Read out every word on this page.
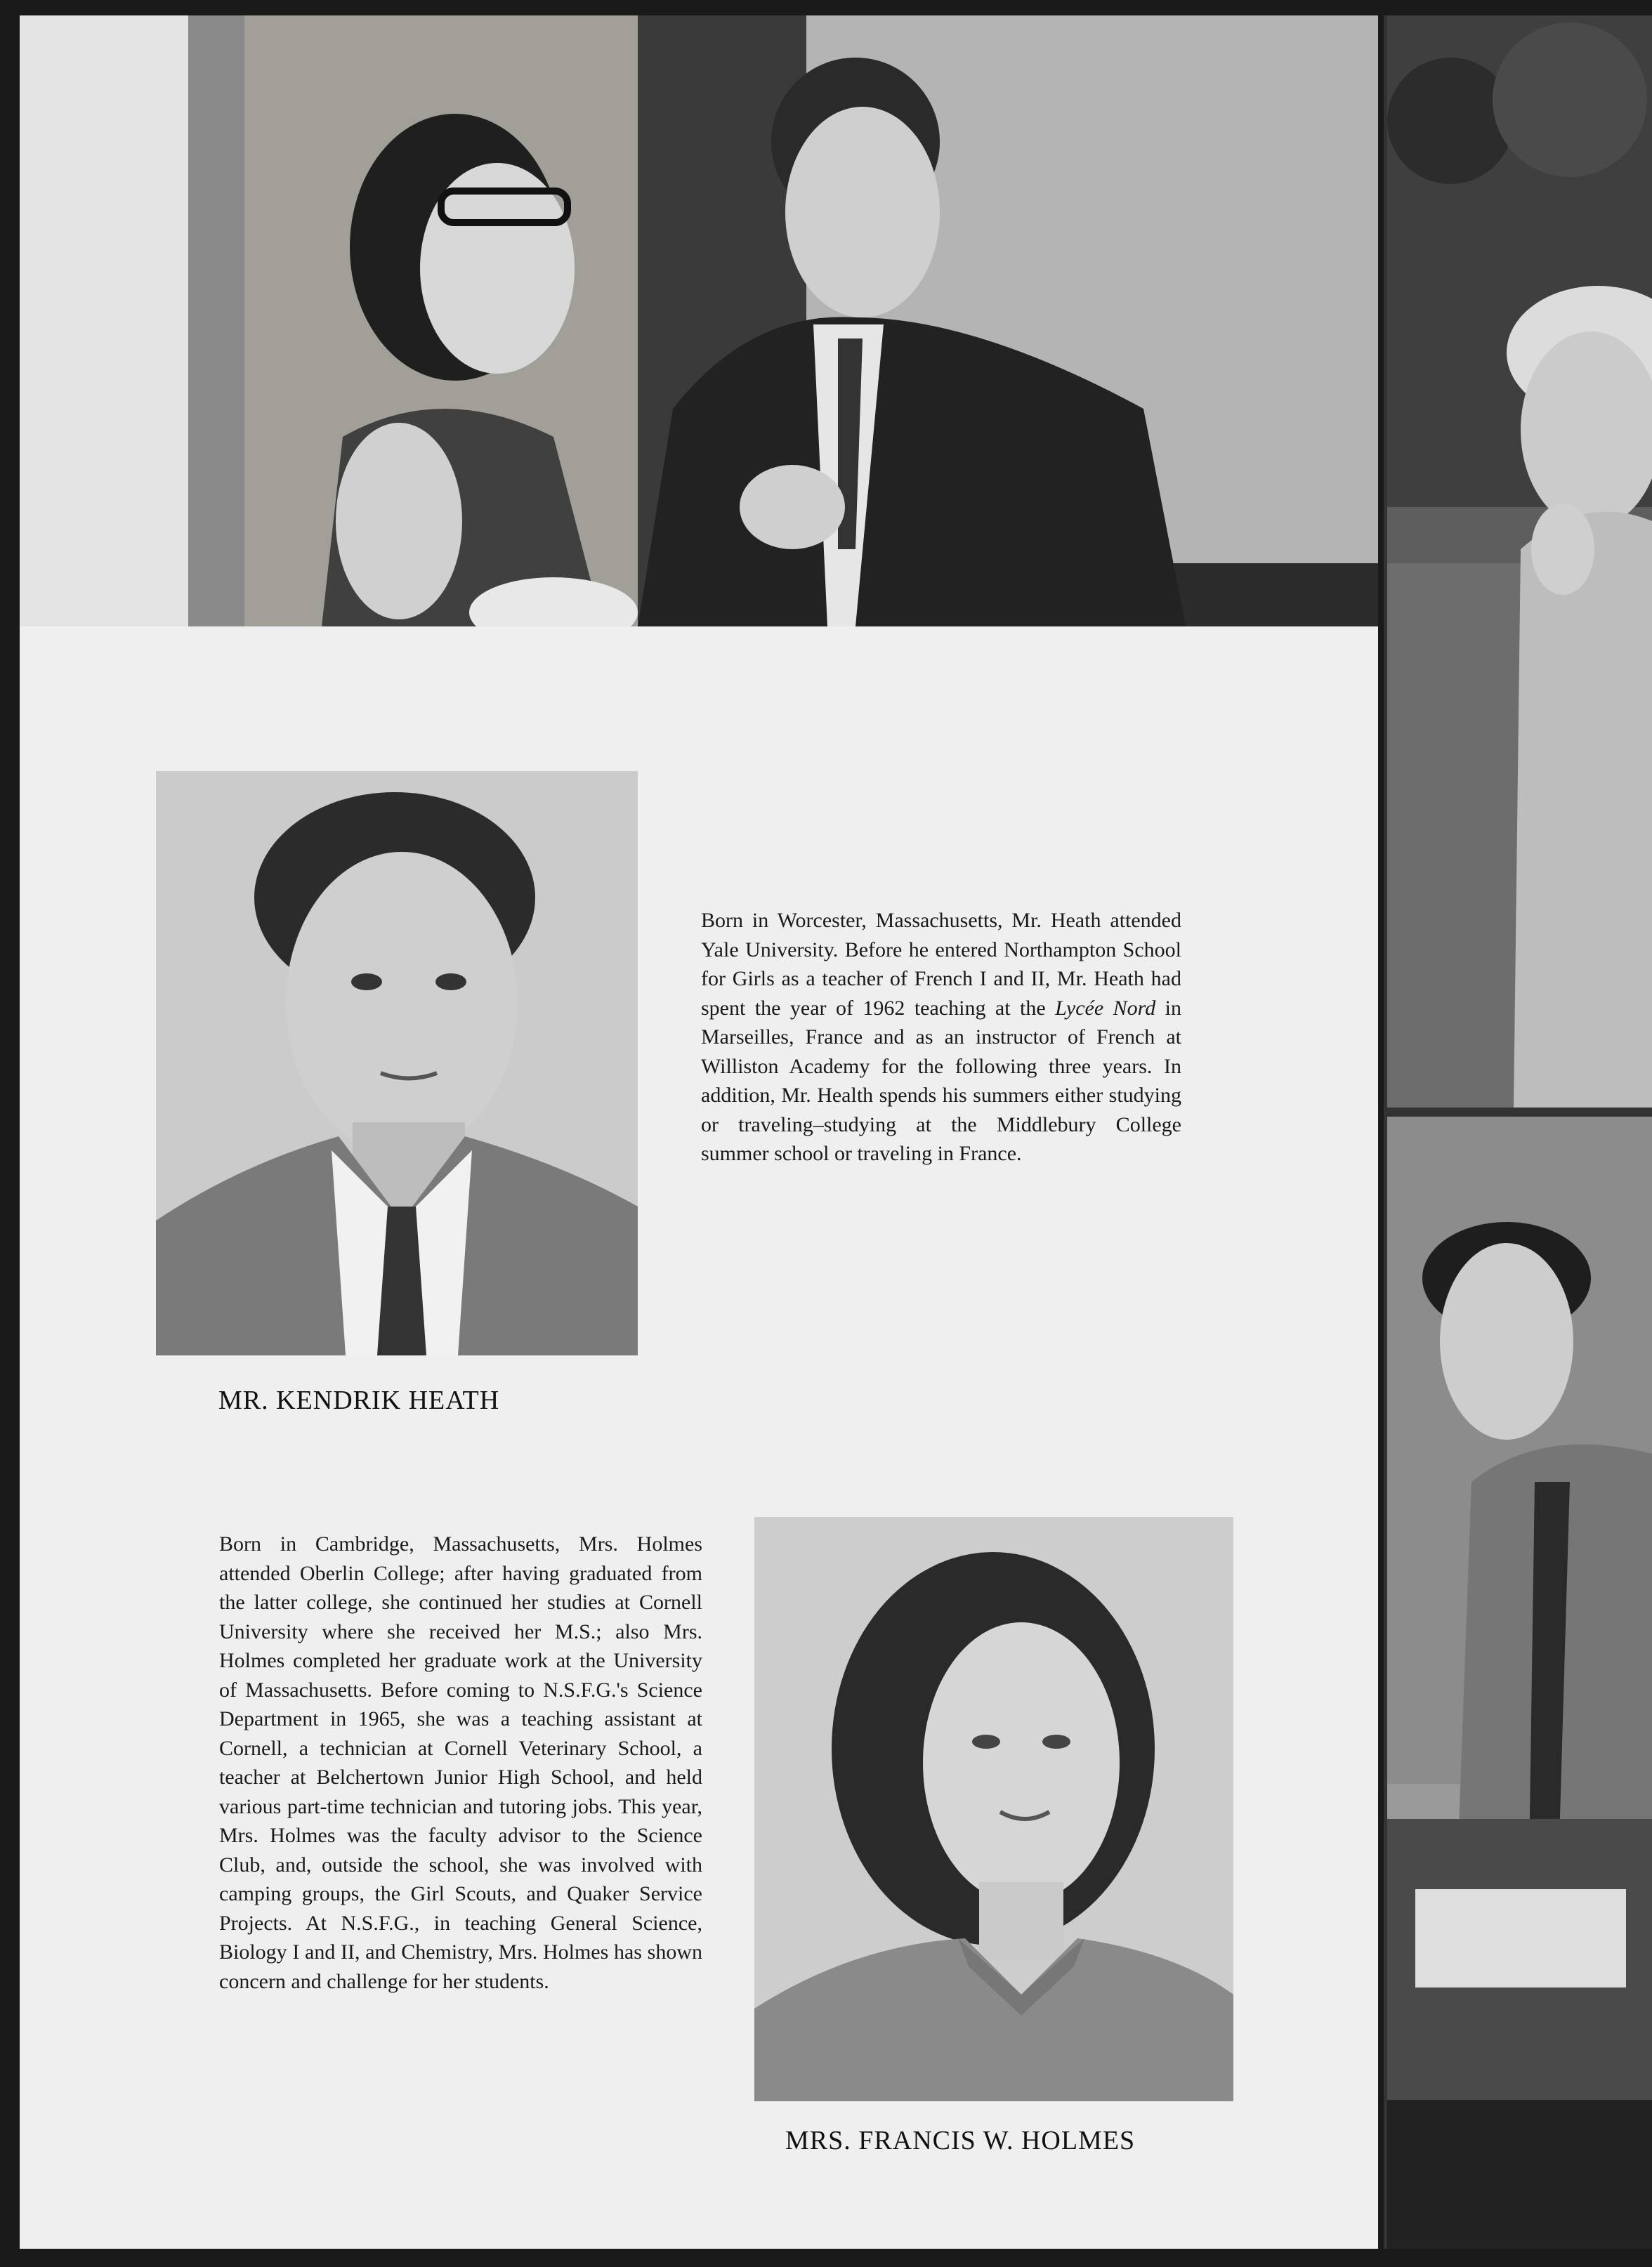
MR. KENDRIK HEATH

Born in Worcester, Massachusetts, Mr. Heath attended Yale University. Before he entered Northampton School for Girls as a teacher of French I and II, Mr. Heath had spent the year of 1962 teaching at the Lycée Nord in Marseilles, France and as an instructor of French at Williston Academy for the following three years. In addition, Mr. Health spends his summers either studying or traveling–studying at the Middlebury College summer school or traveling in France.

Born in Cambridge, Massachusetts, Mrs. Holmes attended Oberlin College; after having graduated from the latter college, she continued her studies at Cornell University where she received her M.S.; also Mrs. Holmes completed her graduate work at the University of Massachusetts. Before coming to N.S.F.G.'s Science Department in 1965, she was a teaching assistant at Cornell, a technician at Cornell Veterinary School, a teacher at Belchertown Junior High School, and held various part-time technician and tutoring jobs. This year, Mrs. Holmes was the faculty advisor to the Science Club, and, outside the school, she was involved with camping groups, the Girl Scouts, and Quaker Service Projects. At N.S.F.G., in teaching General Science, Biology I and II, and Chemistry, Mrs. Holmes has shown concern and challenge for her students.
MRS. FRANCIS W. HOLMES
